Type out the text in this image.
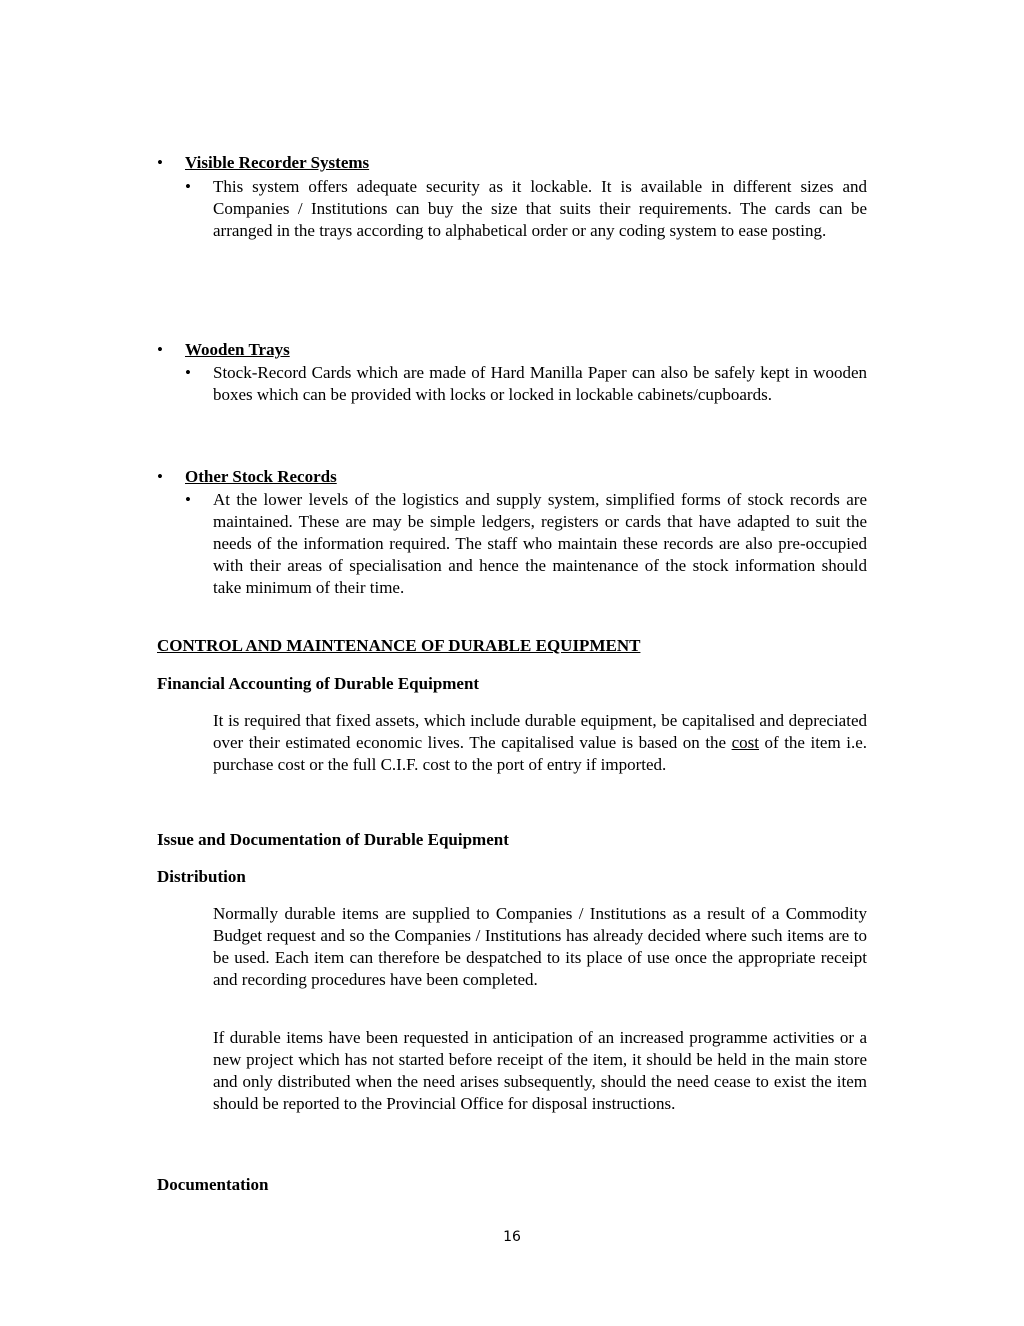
•	Visible Recorder Systems
•	This system offers adequate security as it lockable. It is available in different sizes and Companies / Institutions can buy the size that suits their requirements. The cards can be arranged in the trays according to alphabetical order or any coding system to ease posting.
•	Wooden Trays
•	Stock-Record Cards which are made of Hard Manilla Paper can also be safely kept in wooden boxes which can be provided with locks or locked in lockable cabinets/cupboards.
•	Other Stock Records
•	At the lower levels of the logistics and supply system, simplified forms of stock records are maintained. These are may be simple ledgers, registers or cards that have adapted to suit the needs of the information required. The staff who maintain these records are also pre-occupied with their areas of specialisation and hence the maintenance of the stock information should take minimum of their time.
CONTROL AND MAINTENANCE OF DURABLE EQUIPMENT
Financial Accounting of Durable Equipment
It is required that fixed assets, which include durable equipment, be capitalised and depreciated over their estimated economic lives. The capitalised value is based on the cost of the item i.e. purchase cost or the full C.I.F. cost to the port of entry if imported.
Issue and Documentation of Durable Equipment
Distribution
Normally durable items are supplied to Companies / Institutions as a result of a Commodity Budget request and so the Companies / Institutions has already decided where such items are to be used. Each item can therefore be despatched to its place of use once the appropriate receipt and recording procedures have been completed.
If durable items have been requested in anticipation of an increased programme activities or a new project which has not started before receipt of the item, it should be held in the main store and only distributed when the need arises subsequently, should the need cease to exist the item should be reported to the Provincial Office for disposal instructions.
Documentation
16
